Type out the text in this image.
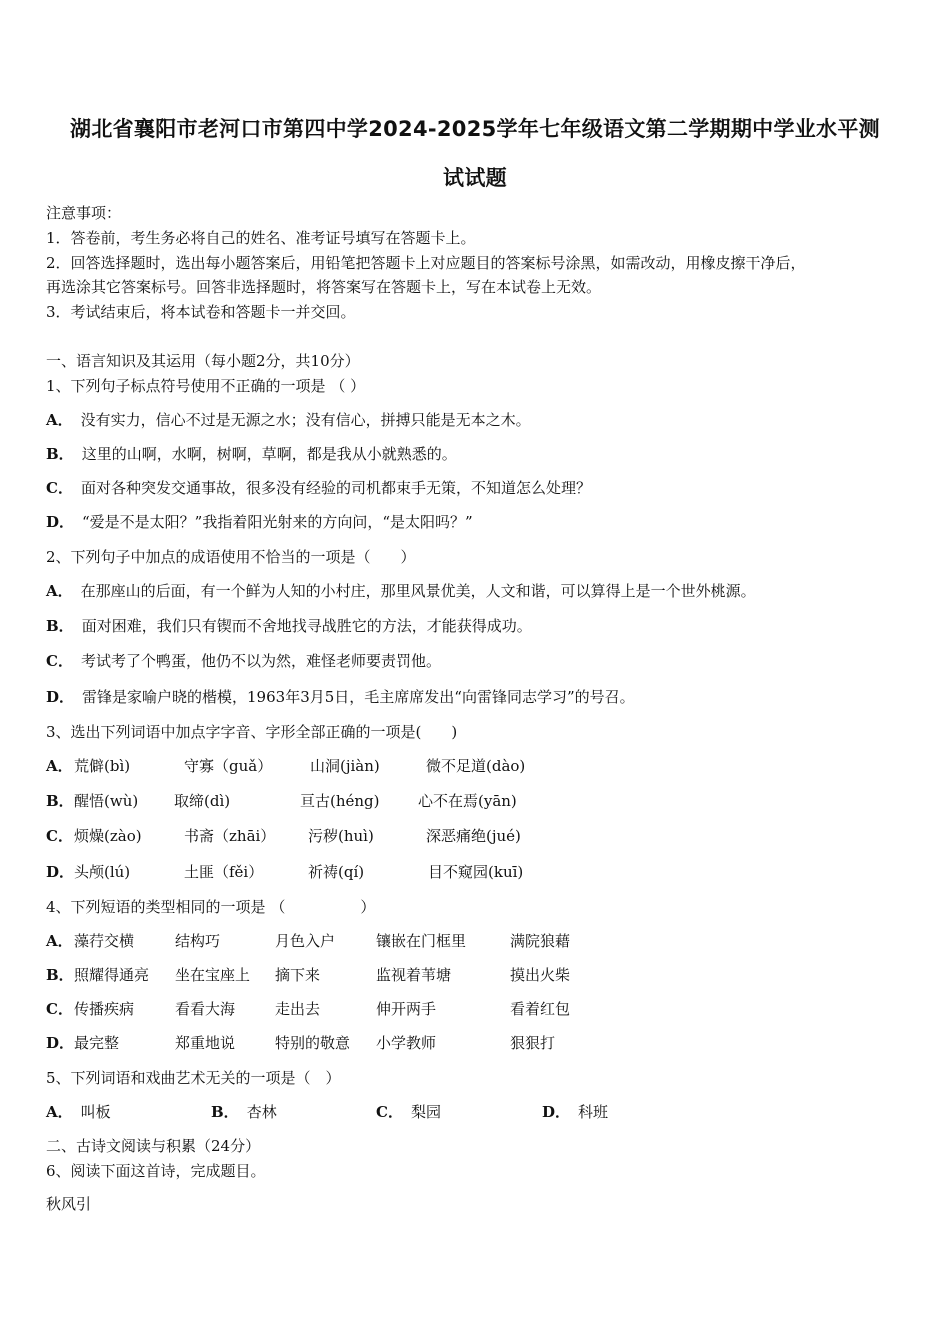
湖北省襄阳市老河口市第四中学2024-2025学年七年级语文第二学期期中学业水平测
试试题
注意事项：
1．答卷前，考生务必将自己的姓名、准考证号填写在答题卡上。
2．回答选择题时，选出每小题答案后，用铅笔把答题卡上对应题目的答案标号涂黑，如需改动，用橡皮擦干净后，
再选涂其它答案标号。回答非选择题时，将答案写在答题卡上，写在本试卷上无效。
3．考试结束后，将本试卷和答题卡一并交回。
一、语言知识及其运用（每小题2分，共10分）
1、下列句子标点符号使用不正确的一项是 （ ）
A． 没有实力，信心不过是无源之水；没有信心，拼搏只能是无本之木。
B． 这里的山啊，水啊，树啊，草啊，都是我从小就熟悉的。
C． 面对各种突发交通事故，很多没有经验的司机都束手无策，不知道怎么处理？
D． “爱是不是太阳？”我指着阳光射来的方向问，“是太阳吗？”
2、下列句子中加点的成语使用不恰当的一项是（　　）
A． 在那座山的后面，有一个鲜为人知的小村庄，那里风景优美，人文和谐，可以算得上是一个世外桃源。
B． 面对困难，我们只有锲而不舍地找寻战胜它的方法，才能获得成功。
C． 考试考了个鸭蛋，他仍不以为然，难怪老师要责罚他。
D． 雷锋是家喻户晓的楷模，1963年3月5日，毛主席席发出“向雷锋同志学习”的号召。
3、选出下列词语中加点字字音、字形全部正确的一项是(　　)
A． 荒僻(bì)	守寡（guǎ）	山洞(jiàn)	微不足道(dào)
B． 醒悟(wù) 取缔(dì)	亘古(héng)	心不在焉(yān)
C． 烦燥(zào)	书斋（zhāi） 污秽(huì)	深恶痛绝(jué)
D． 头颅(lú)	土匪（fěi）	祈祷(qí)	目不窥园(kuī)
4、下列短语的类型相同的一项是 （　　　　　）
A． 藻荇交横	结构巧	月色入户	镶嵌在门框里	满院狼藉
B． 照耀得通亮 坐在宝座上 摘下来	监视着苇塘	摸出火柴
C． 传播疾病	看看大海	走出去	伸开两手	看着红包
D． 最完整	郑重地说	特别的敬意 小学教师	狠狠打
5、下列词语和戏曲艺术无关的一项是（　）
A． 叫板	B． 杏林	C． 梨园	D． 科班
二、古诗文阅读与积累（24分）
6、阅读下面这首诗，完成题目。
秋风引
